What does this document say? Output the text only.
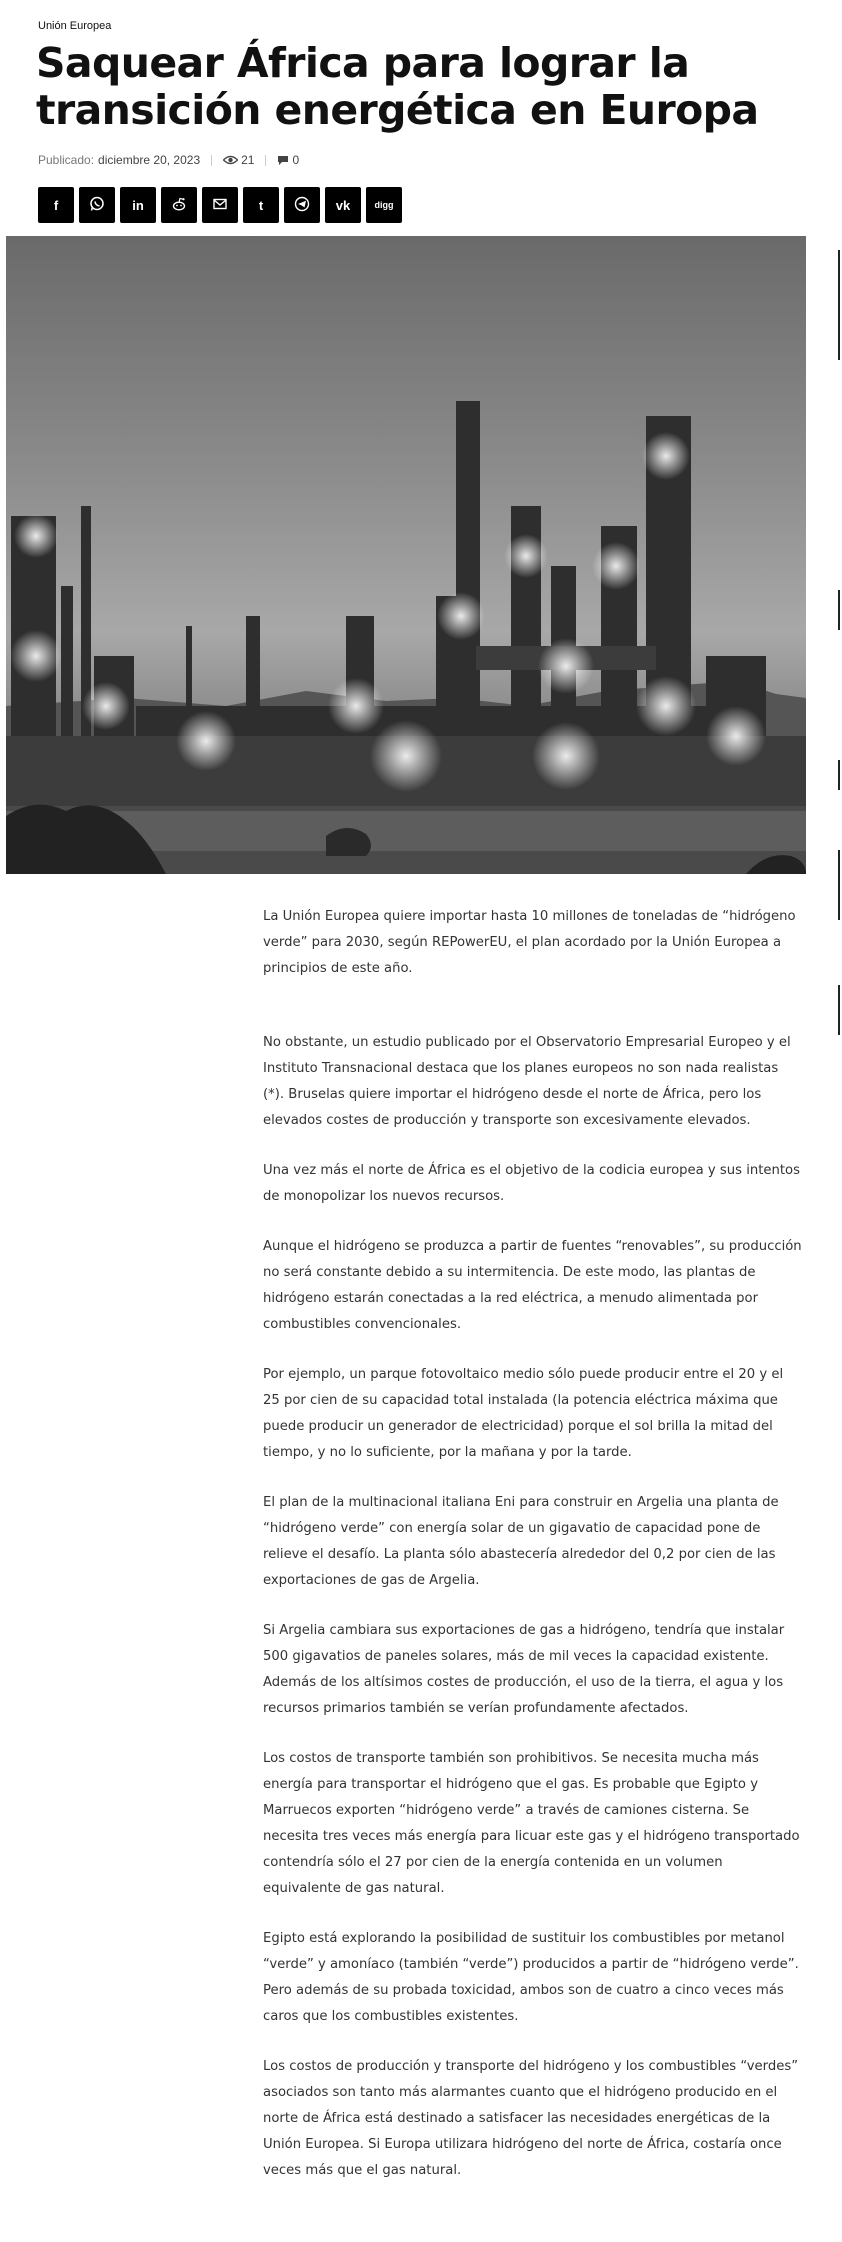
Unión Europea
Saquear África para lograr la transición energética en Europa
Publicado: diciembre 20, 2023	21	0
f	in	t	vk	digg

La Unión Europea quiere importar hasta 10 millones de toneladas de “hidrógeno verde” para 2030, según REPowerEU, el plan acordado por la Unión Europea a principios de este año.

No obstante, un estudio publicado por el Observatorio Empresarial Europeo y el Instituto Transnacional destaca que los planes europeos no son nada realistas (*). Bruselas quiere importar el hidrógeno desde el norte de África, pero los elevados costes de producción y transporte son excesivamente elevados.

Una vez más el norte de África es el objetivo de la codicia europea y sus intentos de monopolizar los nuevos recursos.

Aunque el hidrógeno se produzca a partir de fuentes “renovables”, su producción no será constante debido a su intermitencia. De este modo, las plantas de hidrógeno estarán conectadas a la red eléctrica, a menudo alimentada por combustibles convencionales.

Por ejemplo, un parque fotovoltaico medio sólo puede producir entre el 20 y el 25 por cien de su capacidad total instalada (la potencia eléctrica máxima que puede producir un generador de electricidad) porque el sol brilla la mitad del tiempo, y no lo suficiente, por la mañana y por la tarde.

El plan de la multinacional italiana Eni para construir en Argelia una planta de “hidrógeno verde” con energía solar de un gigavatio de capacidad pone de relieve el desafío. La planta sólo abastecería alrededor del 0,2 por cien de las exportaciones de gas de Argelia.

Si Argelia cambiara sus exportaciones de gas a hidrógeno, tendría que instalar 500 gigavatios de paneles solares, más de mil veces la capacidad existente. Además de los altísimos costes de producción, el uso de la tierra, el agua y los recursos primarios también se verían profundamente afectados.

Los costos de transporte también son prohibitivos. Se necesita mucha más energía para transportar el hidrógeno que el gas. Es probable que Egipto y Marruecos exporten “hidrógeno verde” a través de camiones cisterna. Se necesita tres veces más energía para licuar este gas y el hidrógeno transportado contendría sólo el 27 por cien de la energía contenida en un volumen equivalente de gas natural.

Egipto está explorando la posibilidad de sustituir los combustibles por metanol “verde” y amoníaco (también “verde”) producidos a partir de “hidrógeno verde”. Pero además de su probada toxicidad, ambos son de cuatro a cinco veces más caros que los combustibles existentes.

Los costos de producción y transporte del hidrógeno y los combustibles “verdes” asociados son tanto más alarmantes cuanto que el hidrógeno producido en el norte de África está destinado a satisfacer las necesidades energéticas de la Unión Europea. Si Europa utilizara hidrógeno del norte de África, costaría once veces más que el gas natural.
